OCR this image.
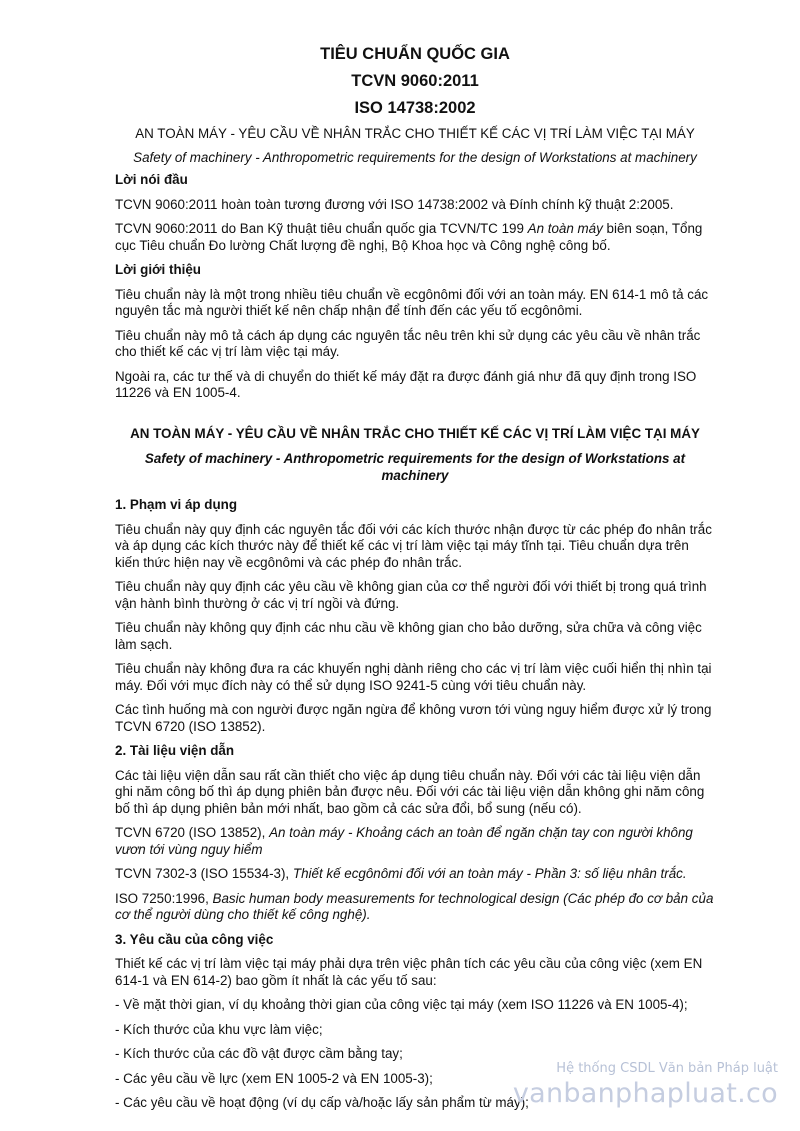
TIÊU CHUẨN QUỐC GIA
TCVN 9060:2011
ISO 14738:2002
AN TOÀN MÁY - YÊU CẦU VỀ NHÂN TRẮC CHO THIẾT KẾ CÁC VỊ TRÍ LÀM VIỆC TẠI MÁY
Safety of machinery - Anthropometric requirements for the design of Workstations at machinery
Lời nói đầu

TCVN 9060:2011 hoàn toàn tương đương với ISO 14738:2002 và Đính chính kỹ thuật 2:2005.

TCVN 9060:2011 do Ban Kỹ thuật tiêu chuẩn quốc gia TCVN/TC 199 An toàn máy biên soạn, Tổng cục Tiêu chuẩn Đo lường Chất lượng đề nghị, Bộ Khoa học và Công nghệ công bố.

Lời giới thiệu

Tiêu chuẩn này là một trong nhiều tiêu chuẩn về ecgônômi đối với an toàn máy. EN 614-1 mô tả các nguyên tắc mà người thiết kế nên chấp nhận để tính đến các yếu tố ecgônômi.

Tiêu chuẩn này mô tả cách áp dụng các nguyên tắc nêu trên khi sử dụng các yêu cầu về nhân trắc cho thiết kế các vị trí làm việc tại máy.

Ngoài ra, các tư thế và di chuyển do thiết kế máy đặt ra được đánh giá như đã quy định trong ISO 11226 và EN 1005-4.

AN TOÀN MÁY - YÊU CẦU VỀ NHÂN TRẮC CHO THIẾT KẾ CÁC VỊ TRÍ LÀM VIỆC TẠI MÁY
Safety of machinery - Anthropometric requirements for the design of Workstations at
machinery
1. Phạm vi áp dụng

Tiêu chuẩn này quy định các nguyên tắc đối với các kích thước nhận được từ các phép đo nhân trắc và áp dụng các kích thước này để thiết kế các vị trí làm việc tại máy tĩnh tại. Tiêu chuẩn dựa trên kiến thức hiện nay về ecgônômi và các phép đo nhân trắc.

Tiêu chuẩn này quy định các yêu cầu về không gian của cơ thể người đối với thiết bị trong quá trình vận hành bình thường ở các vị trí ngồi và đứng.

Tiêu chuẩn này không quy định các nhu cầu về không gian cho bảo dưỡng, sửa chữa và công việc làm sạch.

Tiêu chuẩn này không đưa ra các khuyến nghị dành riêng cho các vị trí làm việc cuối hiển thị nhìn tại máy. Đối với mục đích này có thể sử dụng ISO 9241-5 cùng với tiêu chuẩn này.

Các tình huống mà con người được ngăn ngừa để không vươn tới vùng nguy hiểm được xử lý trong TCVN 6720 (ISO 13852).

2. Tài liệu viện dẫn

Các tài liệu viện dẫn sau rất cần thiết cho việc áp dụng tiêu chuẩn này. Đối với các tài liệu viện dẫn ghi năm công bố thì áp dụng phiên bản được nêu. Đối với các tài liệu viện dẫn không ghi năm công bố thì áp dụng phiên bản mới nhất, bao gồm cả các sửa đổi, bổ sung (nếu có).

TCVN 6720 (ISO 13852), An toàn máy - Khoảng cách an toàn để ngăn chặn tay con người không vươn tới vùng nguy hiểm

TCVN 7302-3 (ISO 15534-3), Thiết kế ecgônômi đối với an toàn máy - Phần 3: số liệu nhân trắc.

ISO 7250:1996, Basic human body measurements for technological design (Các phép đo cơ bản của cơ thể người dùng cho thiết kế công nghệ).

3. Yêu cầu của công việc

Thiết kế các vị trí làm việc tại máy phải dựa trên việc phân tích các yêu cầu của công việc (xem EN 614-1 và EN 614-2) bao gồm ít nhất là các yếu tố sau:

- Về mặt thời gian, ví dụ khoảng thời gian của công việc tại máy (xem ISO 11226 và EN 1005-4);
- Kích thước của khu vực làm việc;
- Kích thước của các đồ vật được cầm bằng tay;
- Các yêu cầu về lực (xem EN 1005-2 và EN 1005-3);
- Các yêu cầu về hoạt động (ví dụ cấp và/hoặc lấy sản phẩm từ máy);
Hệ thống CSDL Văn bản Pháp luật
vanbanphapluat.co
